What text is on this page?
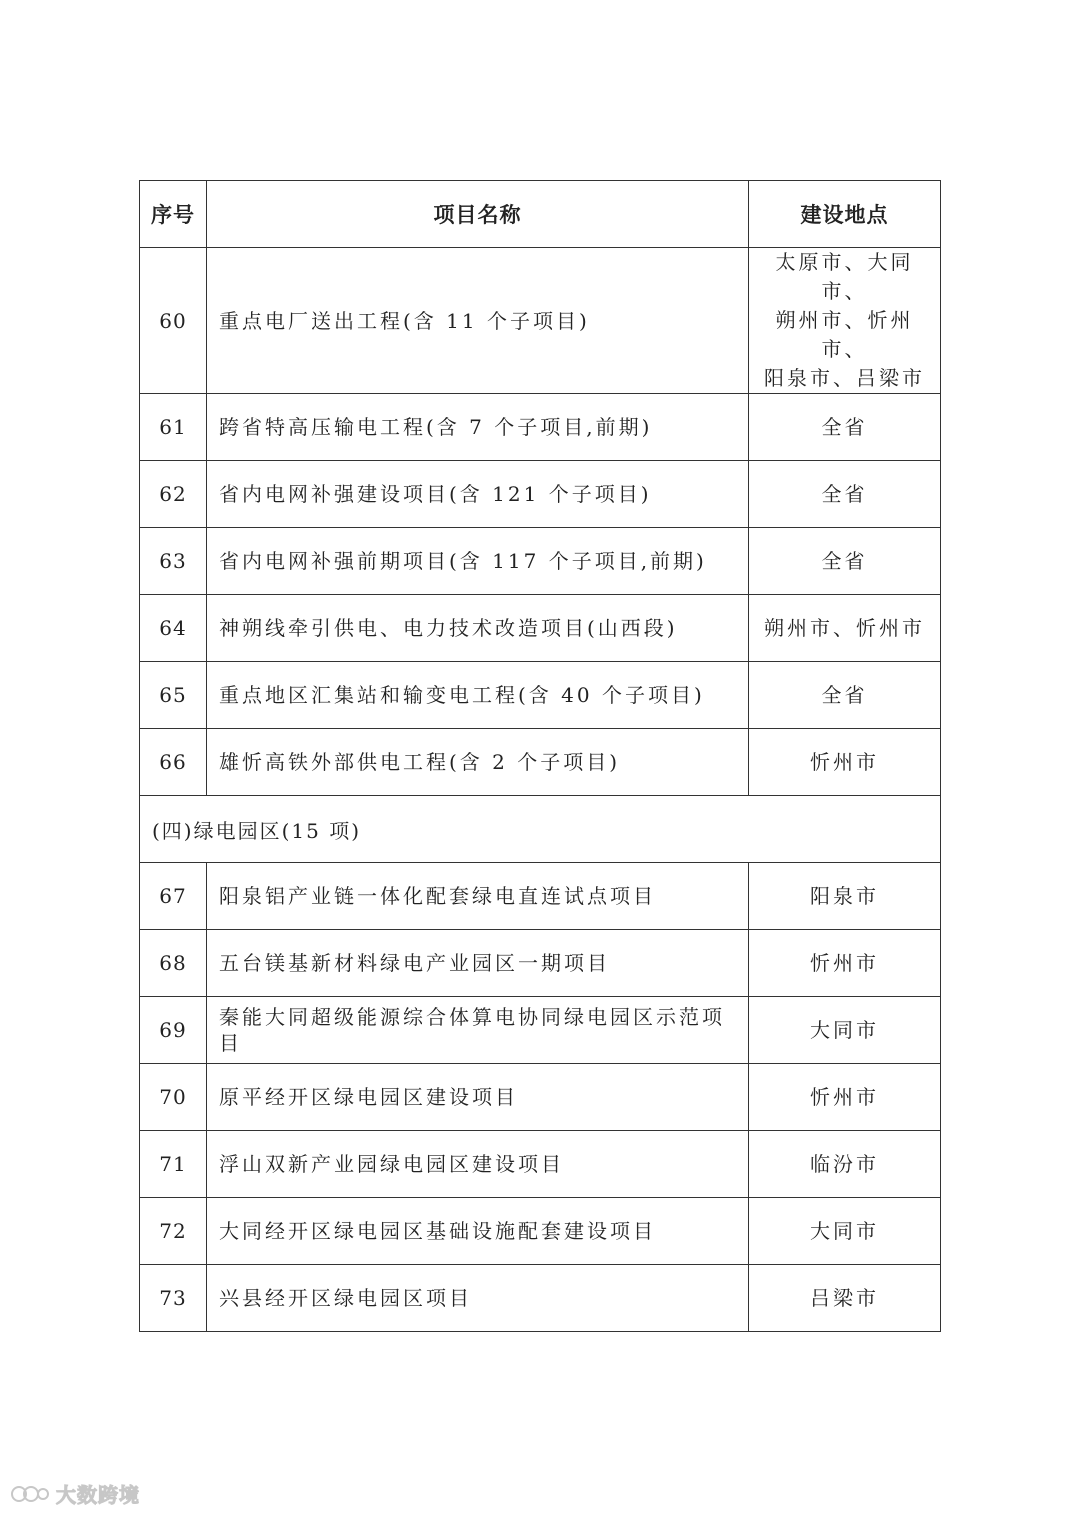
序号	项目名称	建设地点
60	重点电厂送出工程(含 11 个子项目)	太原市、大同市、
朔州市、忻州市、
阳泉市、吕梁市

61	跨省特高压输电工程(含 7 个子项目,前期)	全省
62	省内电网补强建设项目(含 121 个子项目)	全省
63	省内电网补强前期项目(含 117 个子项目,前期)	全省
64	神朔线牵引供电、电力技术改造项目(山西段)	朔州市、忻州市
65	重点地区汇集站和输变电工程(含 40 个子项目)	全省
66	雄忻高铁外部供电工程(含 2 个子项目)	忻州市
(四)绿电园区(15 项)		
67	阳泉铝产业链一体化配套绿电直连试点项目	阳泉市
68	五台镁基新材料绿电产业园区一期项目	忻州市
69	秦能大同超级能源综合体算电协同绿电园区示范项目	大同市
70	原平经开区绿电园区建设项目	忻州市
71	浮山双新产业园绿电园区建设项目	临汾市
72	大同经开区绿电园区基础设施配套建设项目	大同市
73	兴县经开区绿电园区项目	吕梁市
大数跨境
